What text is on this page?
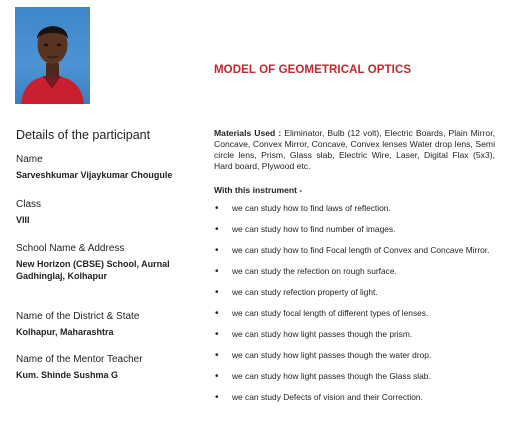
MODEL OF GEOMETRICAL OPTICS
Details of the participant
Name
Sarveshkumar Vijaykumar Chougule
Class
VIII
School Name & Address
New Horizon (CBSE) School, Aurnal Gadhinglaj, Kolhapur
Name of the District & State
Kolhapur, Maharashtra
Name of the Mentor Teacher
Kum. Shinde Sushma G
Materials Used : Eliminator, Bulb (12 volt), Electric Boards, Plain Mirror, Concave, Convex Mirror, Concave, Convex lenses Water drop lens, Semi circle lens, Prism, Glass slab, Electric Wire, Laser, Digital Flax (5x3), Hard board, Plywood etc.
With this instrument -
• we can study how to find laws of reflection.
• we can study how to find number of images.
• we can study how to find Focal length of Convex and Concave Mirror.
• we can study the refection on rough surface.
• we can study refection property of light.
• we can study focal length of different types of lenses.
• we can study how light passes though the prism.
• we can study how light passes though the water drop.
• we can study how light passes though the Glass slab.
• we can study Defects of vision and their Correction.
